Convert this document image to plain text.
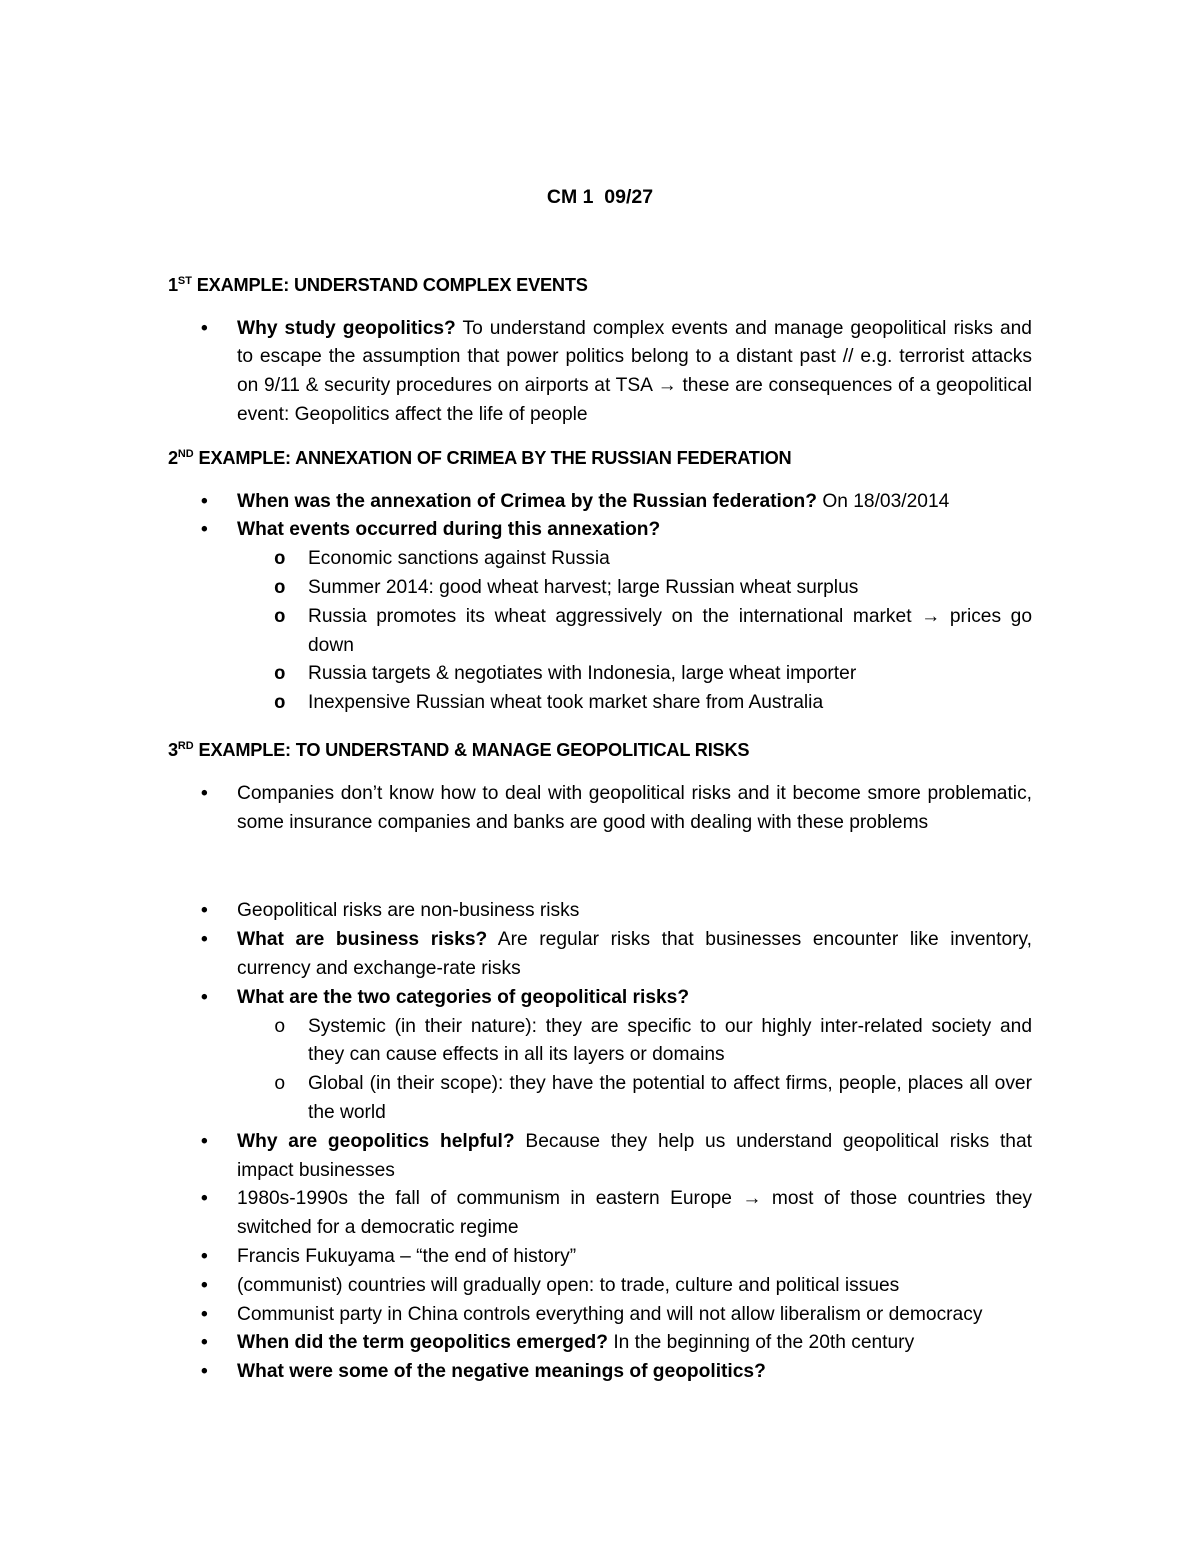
CM 1  09/27
1ST EXAMPLE: UNDERSTAND COMPLEX EVENTS
• Why study geopolitics? To understand complex events and manage geopolitical risks and to escape the assumption that power politics belong to a distant past // e.g. terrorist attacks on 9/11 & security procedures on airports at TSA → these are consequences of a geopolitical event: Geopolitics affect the life of people
2ND EXAMPLE: ANNEXATION OF CRIMEA BY THE RUSSIAN FEDERATION
• When was the annexation of Crimea by the Russian federation? On 18/03/2014
• What events occurred during this annexation?
o Economic sanctions against Russia
o Summer 2014: good wheat harvest; large Russian wheat surplus
o Russia promotes its wheat aggressively on the international market → prices go down
o Russia targets & negotiates with Indonesia, large wheat importer
o Inexpensive Russian wheat took market share from Australia
3RD EXAMPLE: TO UNDERSTAND & MANAGE GEOPOLITICAL RISKS
• Companies don’t know how to deal with geopolitical risks and it become smore problematic, some insurance companies and banks are good with dealing with these problems
• Geopolitical risks are non-business risks
• What are business risks? Are regular risks that businesses encounter like inventory, currency and exchange-rate risks
• What are the two categories of geopolitical risks?
o Systemic (in their nature): they are specific to our highly inter-related society and they can cause effects in all its layers or domains
o Global (in their scope): they have the potential to affect firms, people, places all over the world
• Why are geopolitics helpful? Because they help us understand geopolitical risks that impact businesses
• 1980s-1990s the fall of communism in eastern Europe → most of those countries they switched for a democratic regime
• Francis Fukuyama – “the end of history”
• (communist) countries will gradually open: to trade, culture and political issues
• Communist party in China controls everything and will not allow liberalism or democracy
• When did the term geopolitics emerged? In the beginning of the 20th century
• What were some of the negative meanings of geopolitics?
